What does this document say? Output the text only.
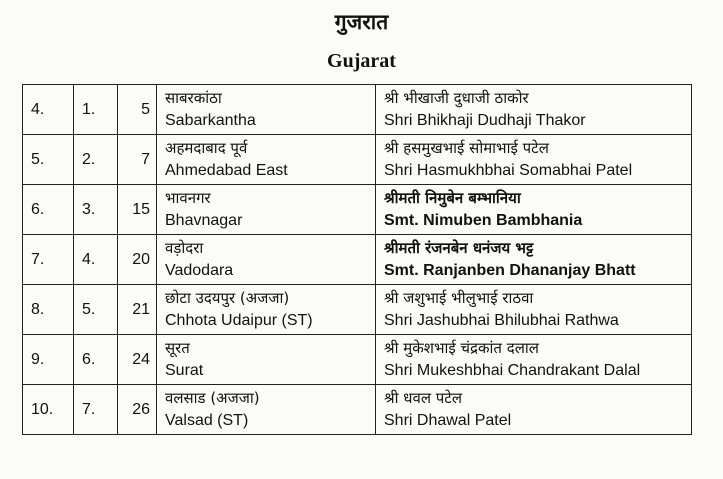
गुजरात
Gujarat
4.	1.	5	साबरकांठा
Sabarkantha	श्री भीखाजी दुधाजी ठाकोर
Shri Bhikhaji Dudhaji Thakor

5.	2.	7	अहमदाबाद पूर्व
Ahmedabad East	श्री हसमुखभाई सोमाभाई पटेल
Shri Hasmukhbhai Somabhai Patel

6.	3.	15	भावनगर
Bhavnagar	श्रीमती निमुबेन बम्भानिया
Smt. Nimuben Bambhania

7.	4.	20	वड़ोदरा
Vadodara	श्रीमती रंजनबेन धनंजय भट्ट
Smt. Ranjanben Dhananjay Bhatt

8.	5.	21	छोटा उदयपुर (अजजा)
Chhota Udaipur (ST)	श्री जशुभाई भीलुभाई राठवा
Shri Jashubhai Bhilubhai Rathwa

9.	6.	24	सूरत
Surat	श्री मुकेशभाई चंद्रकांत दलाल
Shri Mukeshbhai Chandrakant Dalal

10.	7.	26	वलसाड (अजजा)
Valsad (ST)	श्री धवल पटेल
Shri Dhawal Patel
